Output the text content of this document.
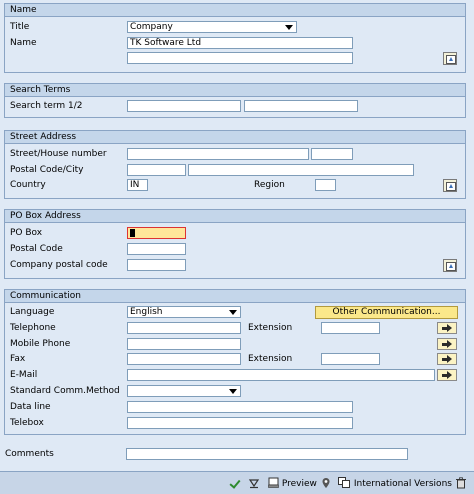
Name
Title	Company
Name	TK Software Ltd
Search Terms
Search term 1/2
Street Address
Street/House number
Postal Code/City
Country	IN	Region
PO Box Address
PO Box
Postal Code
Company postal code
Communication
Language	English	Other Communication...
Telephone	Extension
Mobile Phone
Fax	Extension
E-Mail
Standard Comm.Method
Data line
Telebox
Comments
Preview	International Versions
